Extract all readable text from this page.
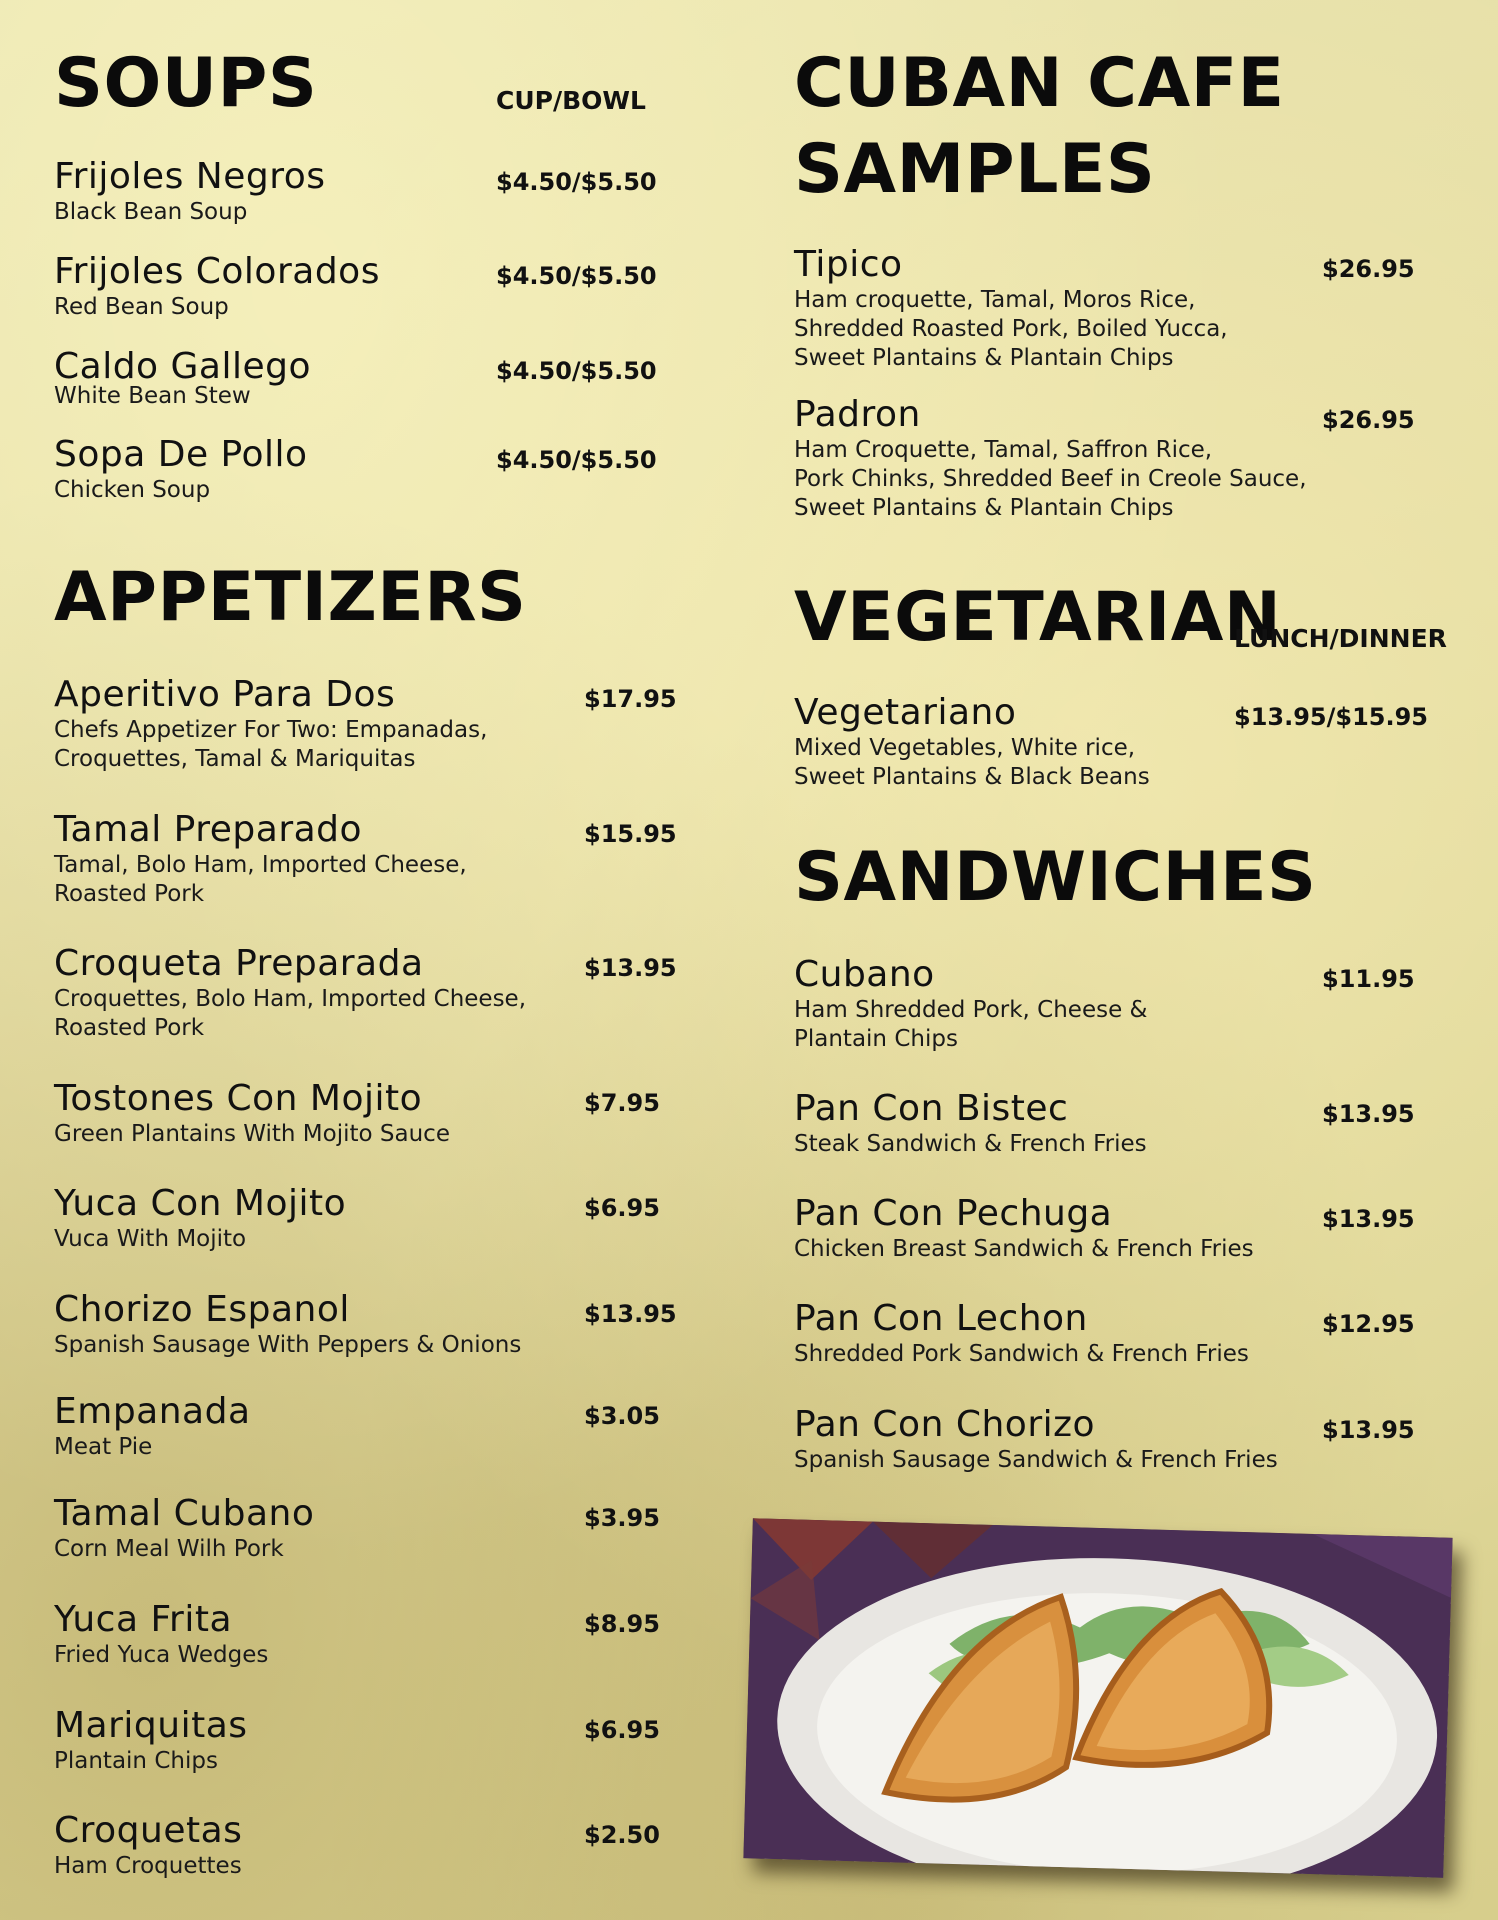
SOUPS	CUP/BOWL
Frijoles Negros
Black Bean Soup
$4.50/$5.50
Frijoles Colorados
Red Bean Soup
$4.50/$5.50
Caldo Gallego
White Bean Stew
$4.50/$5.50
Sopa De Pollo
Chicken Soup
$4.50/$5.50
APPETIZERS
Aperitivo Para Dos
Chefs Appetizer For Two: Empanadas,
Croquettes, Tamal & Mariquitas
$17.95
Tamal Preparado
Tamal, Bolo Ham, Imported Cheese,
Roasted Pork
$15.95
Croqueta Preparada
Croquettes, Bolo Ham, Imported Cheese,
Roasted Pork
$13.95
Tostones Con Mojito
Green Plantains With Mojito Sauce
$7.95
Yuca Con Mojito
Vuca With Mojito
$6.95
Chorizo Espanol
Spanish Sausage With Peppers & Onions
$13.95
Empanada
Meat Pie
$3.05
Tamal Cubano
Corn Meal Wilh Pork
$3.95
Yuca Frita
Fried Yuca Wedges
$8.95
Mariquitas
Plantain Chips
$6.95
Croquetas
Ham Croquettes
$2.50
CUBAN CAFE
SAMPLES
Tipico
Ham croquette, Tamal, Moros Rice,
Shredded Roasted Pork, Boiled Yucca,
Sweet Plantains & Plantain Chips
$26.95
Padron
Ham Croquette, Tamal, Saffron Rice,
Pork Chinks, Shredded Beef in Creole Sauce,
Sweet Plantains & Plantain Chips
$26.95
VEGETARIAN
LUNCH/DINNER
Vegetariano
Mixed Vegetables, White rice,
Sweet Plantains & Black Beans
$13.95/$15.95
SANDWICHES
Cubano
Ham Shredded Pork, Cheese &
Plantain Chips
$11.95
Pan Con Bistec
Steak Sandwich & French Fries
$13.95
Pan Con Pechuga
Chicken Breast Sandwich & French Fries
$13.95
Pan Con Lechon
Shredded Pork Sandwich & French Fries
$12.95
Pan Con Chorizo
Spanish Sausage Sandwich & French Fries
$13.95
